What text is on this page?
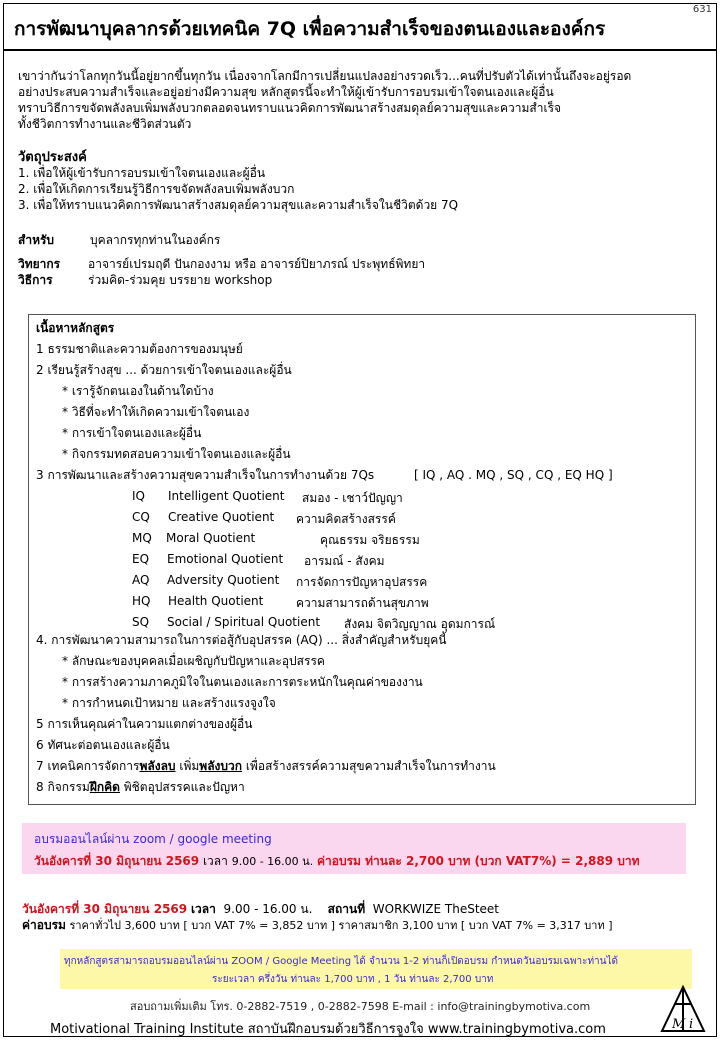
631
การพัฒนาบุคลากรด้วยเทคนิค 7Q เพื่อความสำเร็จของตนเองและองค์กร
เขาว่ากันว่าโลกทุกวันนี้อยู่ยากขึ้นทุกวัน เนื่องจากโลกมีการเปลี่ยนแปลงอย่างรวดเร็ว...คนที่ปรับตัวได้เท่านั้นถึงจะอยู่รอด
อย่างประสบความสำเร็จและอยู่อย่างมีความสุข หลักสูตรนี้จะทำให้ผู้เข้ารับการอบรมเข้าใจตนเองและผู้อื่น
ทราบวิธีการขจัดพลังลบเพิ่มพลังบวกตลอดจนทราบแนวคิดการพัฒนาสร้างสมดุลย์ความสุขและความสำเร็จ
ทั้งชีวิตการทำงานและชีวิตส่วนตัว
วัตถุประสงค์
1. เพื่อให้ผู้เข้ารับการอบรมเข้าใจตนเองและผู้อื่น
2. เพื่อให้เกิดการเรียนรู้วิธีการขจัดพลังลบเพิ่มพลังบวก
3. เพื่อให้ทราบแนวคิดการพัฒนาสร้างสมดุลย์ความสุขและความสำเร็จในชีวิตด้วย 7Q
สำหรับ	บุคลากรทุกท่านในองค์กร
วิทยากร อาจารย์เปรมฤดี ปันกองงาม หรือ อาจารย์ปิยาภรณ์ ประพุทธ์พิทยา
วิธีการ	ร่วมคิด-ร่วมคุย บรรยาย workshop
เนื้อหาหลักสูตร
1 ธรรมชาติและความต้องการของมนุษย์
2 เรียนรู้สร้างสุข ... ด้วยการเข้าใจตนเองและผู้อื่น
* เรารู้จักตนเองในด้านใดบ้าง
* วิธีที่จะทำให้เกิดความเข้าใจตนเอง
* การเข้าใจตนเองและผู้อื่น
* กิจกรรมทดสอบความเข้าใจตนเองและผู้อื่น
3 การพัฒนาและสร้างความสุขความสำเร็จในการทำงานด้วย 7Qs	[ IQ , AQ . MQ , SQ , CQ , EQ HQ ]
IQ Intelligent Quotient สมอง - เชาว์ปัญญา
CQ Creative Quotient ความคิดสร้างสรรค์
MQ Moral Quotient	คุณธรรม จริยธรรม
EQ Emotional Quotient อารมณ์ - สังคม
AQ Adversity Quotient การจัดการปัญหาอุปสรรค
HQ Health Quotient	ความสามารถด้านสุขภาพ
SQ Social / Spiritual Quotient สังคม จิตวิญญาณ อุดมการณ์
4. การพัฒนาความสามารถในการต่อสู้กับอุปสรรค (AQ) ... สิ่งสำคัญสำหรับยุคนี้
* ลักษณะของบุคคลเมื่อเผชิญกับปัญหาและอุปสรรค
* การสร้างความภาคภูมิใจในตนเองและการตระหนักในคุณค่าของงาน
* การกำหนดเป้าหมาย และสร้างแรงจูงใจ
5 การเห็นคุณค่าในความแตกต่างของผู้อื่น
6 ทัศนะต่อตนเองและผู้อื่น
7 เทคนิคการจัดการพลังลบ เพิ่มพลังบวก เพื่อสร้างสรรค์ความสุขความสำเร็จในการทำงาน
8 กิจกรรมฝึกคิด พิชิตอุปสรรคและปัญหา
อบรมออนไลน์ผ่าน zoom / google meeting
วันอังคารที่ 30 มิถุนายน 2569 เวลา 9.00 - 16.00 น. ค่าอบรม ท่านละ 2,700 บาท (บวก VAT7%) = 2,889 บาท
วันอังคารที่ 30 มิถุนายน 2569 เวลา 9.00 - 16.00 น. สถานที่ WORKWIZE TheSteet
ค่าอบรม ราคาทั่วไป 3,600 บาท [ บวก VAT 7% = 3,852 บาท ] ราคาสมาชิก 3,100 บาท [ บวก VAT 7% = 3,317 บาท ]
ทุกหลักสูตรสามารถอบรมออนไลน์ผ่าน ZOOM / Google Meeting ได้ จำนวน 1-2 ท่านก็เปิดอบรม กำหนดวันอบรมเฉพาะท่านได้
ระยะเวลา ครึ่งวัน ท่านละ 1,700 บาท , 1 วัน ท่านละ 2,700 บาท
สอบถามเพิ่มเติม โทร. 0-2882-7519 , 0-2882-7598 E-mail : info@trainingbymotiva.com
Motivational Training Institute สถาบันฝึกอบรมด้วยวิธีการจูงใจ www.trainingbymotiva.com	M i
